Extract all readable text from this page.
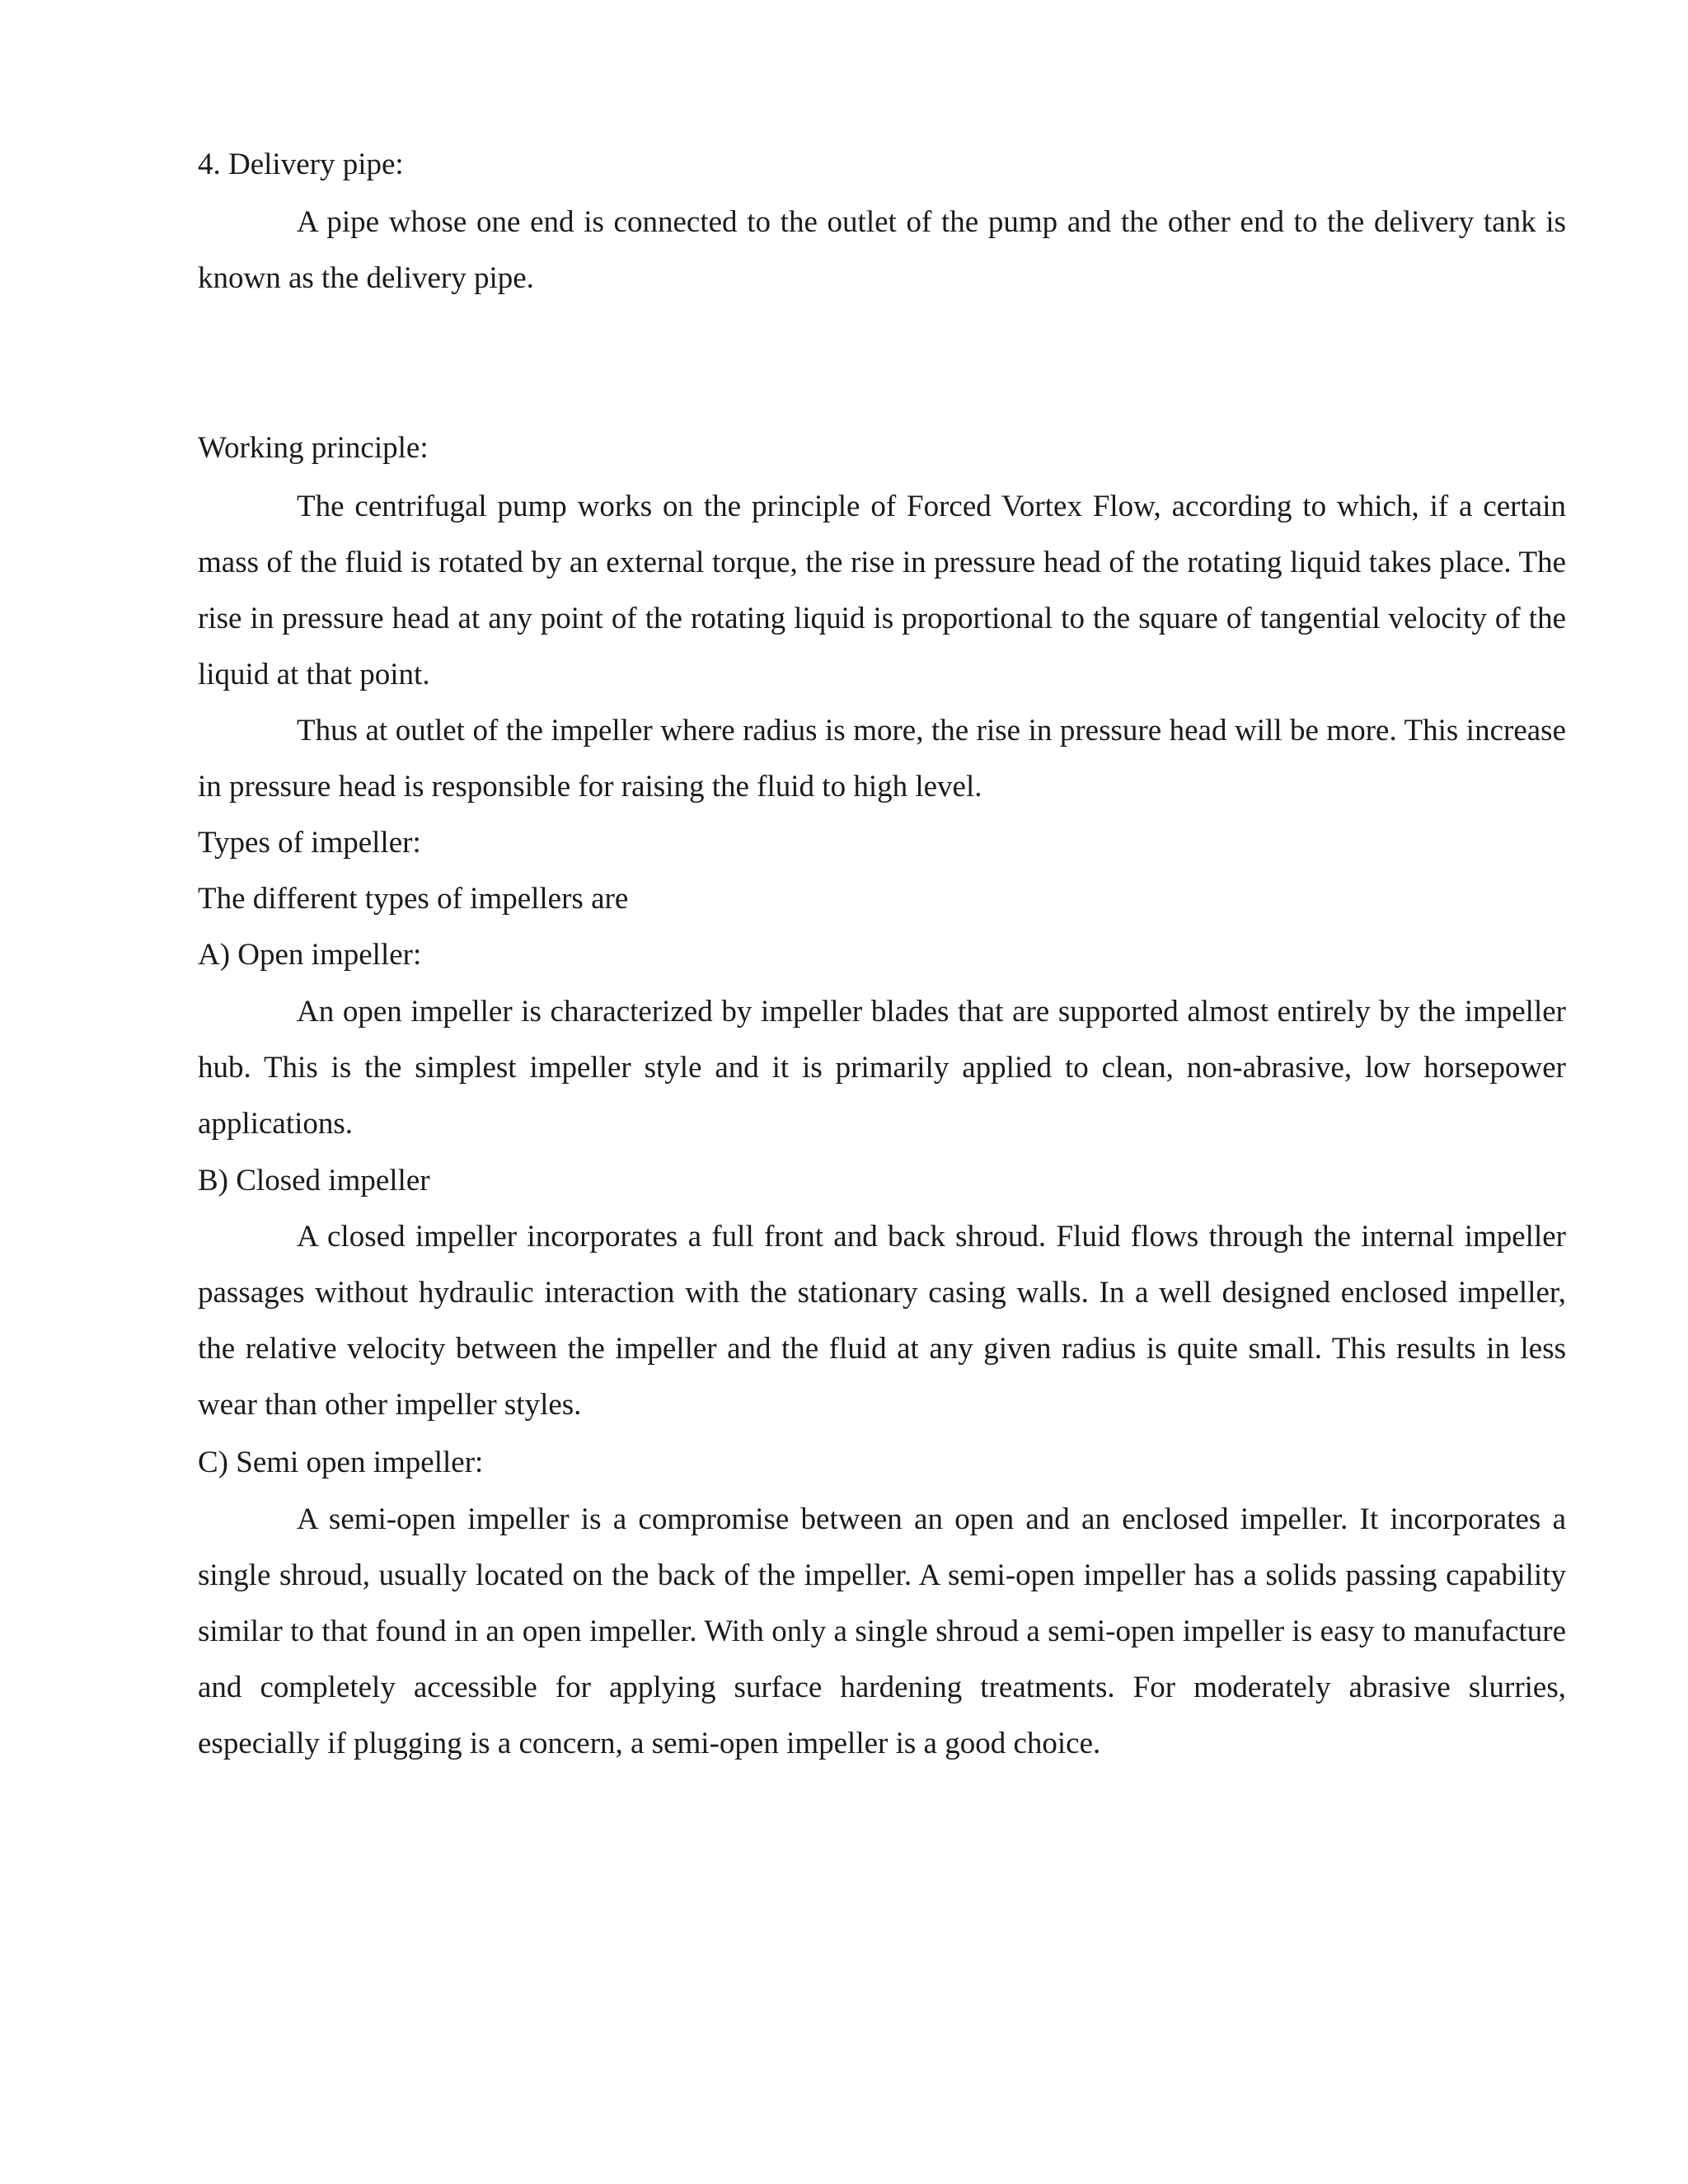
4. Delivery pipe:

A pipe whose one end is connected to the outlet of the pump and the other end to the delivery tank is known as the delivery pipe.

Working principle:

The centrifugal pump works on the principle of Forced Vortex Flow, according to which, if a certain mass of the fluid is rotated by an external torque, the rise in pressure head of the rotating liquid takes place. The rise in pressure head at any point of the rotating liquid is proportional to the square of tangential velocity of the liquid at that point.

Thus at outlet of the impeller where radius is more, the rise in pressure head will be more. This increase in pressure head is responsible for raising the fluid to high level.

Types of impeller:
The different types of impellers are
A) Open impeller:

An open impeller is characterized by impeller blades that are supported almost entirely by the impeller hub. This is the simplest impeller style and it is primarily applied to clean, non-abrasive, low horsepower applications.

B) Closed impeller

A closed impeller incorporates a full front and back shroud. Fluid flows through the internal impeller passages without hydraulic interaction with the stationary casing walls. In a well designed enclosed impeller, the relative velocity between the impeller and the fluid at any given radius is quite small. This results in less wear than other impeller styles.

C) Semi open impeller:

A semi-open impeller is a compromise between an open and an enclosed impeller. It incorporates a single shroud, usually located on the back of the impeller. A semi-open impeller has a solids passing capability similar to that found in an open impeller. With only a single shroud a semi-open impeller is easy to manufacture and completely accessible for applying surface hardening treatments. For moderately abrasive slurries, especially if plugging is a concern, a semi-open impeller is a good choice.
